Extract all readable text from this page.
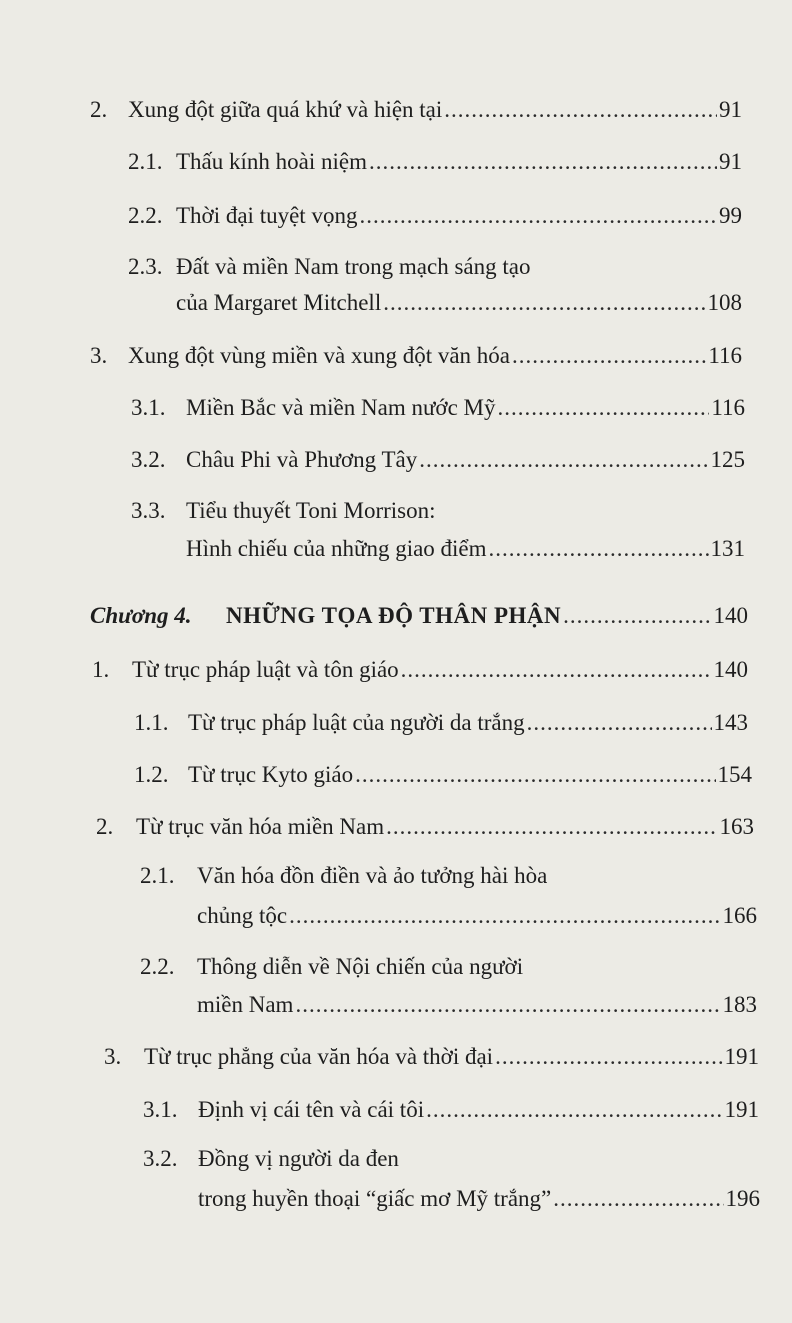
2. Xung đột giữa quá khứ và hiện tại .....	91
2.1. Thấu kính hoài niệm .....	91
2.2. Thời đại tuyệt vọng .....	99
2.3. Đất và miền Nam trong mạch sáng tạo
của Margaret Mitchell .....	108
3. Xung đột vùng miền và xung đột văn hóa .....	116
3.1. Miền Bắc và miền Nam nước Mỹ .....	116
3.2. Châu Phi và Phương Tây .....	125
3.3. Tiểu thuyết Toni Morrison:
Hình chiếu của những giao điểm .....	131
Chương 4.	NHỮNG TỌA ĐỘ THÂN PHẬN .....	140
1. Từ trục pháp luật và tôn giáo .....	140
1.1. Từ trục pháp luật của người da trắng .....	143
1.2. Từ trục Kyto giáo .....	154
2. Từ trục văn hóa miền Nam .....	163
2.1. Văn hóa đồn điền và ảo tưởng hài hòa
chủng tộc .....	166
2.2. Thông diễn về Nội chiến của người
miền Nam .....	183
3. Từ trục phẳng của văn hóa và thời đại .....	191
3.1. Định vị cái tên và cái tôi .....	191
3.2. Đồng vị người da đen
trong huyền thoại “giấc mơ Mỹ trắng” .....	196
